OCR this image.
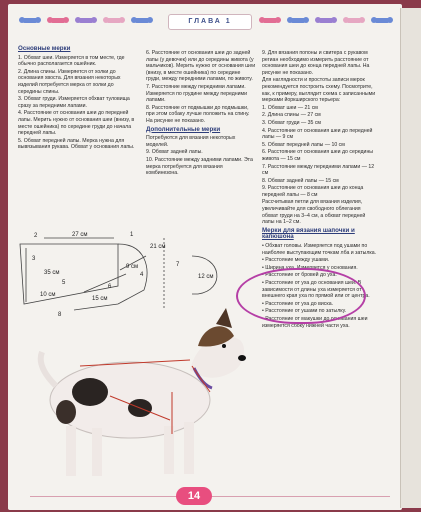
ГЛАВА 1
Основные мерки

1. Обхват шеи. Измеряется в том месте, где обычно располагается ошейник.

2. Длина спины. Измеряется от холки до основания хвоста. Для вязания некоторых изделий потребуется мерка от холки до середины спины.

3. Обхват груди. Измеряется обхват туловища сразу за передними лапами.

4. Расстояние от основания шеи до передней лапы. Мерить нужно от основания шеи (внизу, в месте ошейника) по середине груди до начала передней лапы.

5. Обхват передней лапы. Мерка нужна для вывязывания рукава. Обхват у основания лапы.

6. Расстояние от основания шеи до задней лапы (у девочек) или до середины живота (у мальчиков). Мерить нужно от основания шеи (внизу, в месте ошейника) по середине груди, между передними лапами, по животу.

7. Расстояние между передними лапами. Измеряется по грудине между передними лапами.

8. Расстояние от подмышки до подмышки, при этом собаку лучше положить на спину. На рисунке не показано.

Дополнительные мерки

Потребуются для вязания некоторых моделей.

9. Обхват задней лапы.

10. Расстояние между задними лапами. Эта мерка потребуется для вязания комбинезона.

9. Для вязания попоны и свитера с рукавом региан необходимо измерить расстояние от основания шеи до конца передней лапы. На рисунке не показано.

Для наглядности и простоты записи мерок рекомендуется построить схему. Посмотрите, как, к примеру, выглядит схема с записанными мерками йоркширского терьера:

1. Обхват шеи — 21 см

2. Длина спины — 27 см

3. Обхват груди — 35 см

4. Расстояние от основания шеи до передней лапы — 9 см

5. Обхват передней лапы — 10 см

6. Расстояние от основания шеи до середины живота — 15 см

7. Расстояние между передними лапами — 12 см

8. Обхват задней лапы — 15 см

9. Расстояние от основания шеи до конца передней лапы — 8 см

Рассчитывая петли для вязания изделия, увеличивайте для свободного облегания обхват груди на 3–4 см, а обхват передней лапы на 1–2 см.

Мерки для вязания шапочки и капюшона

• Обхват головы. Измеряется под ушами по наиболее выступающим точкам лба и затылка.

• Расстояние между ушами.

• Ширина уха. Измеряется у основания.

• Расстояние от бровей до уха.

• Расстояние от уха до основания шеи. В зависимости от длины уха измеряется от внешнего края уха по прямой или от центра.

• Расстояние от уха до виска.

• Расстояние от ушами по затылку.

• Расстояние от макушки до основания шеи измеряется сбоку нижней части уха.

2	27 см	1
21 см
3
35 см
9 см
4
6
15 см
10 см
5
7
12 см
8
14
